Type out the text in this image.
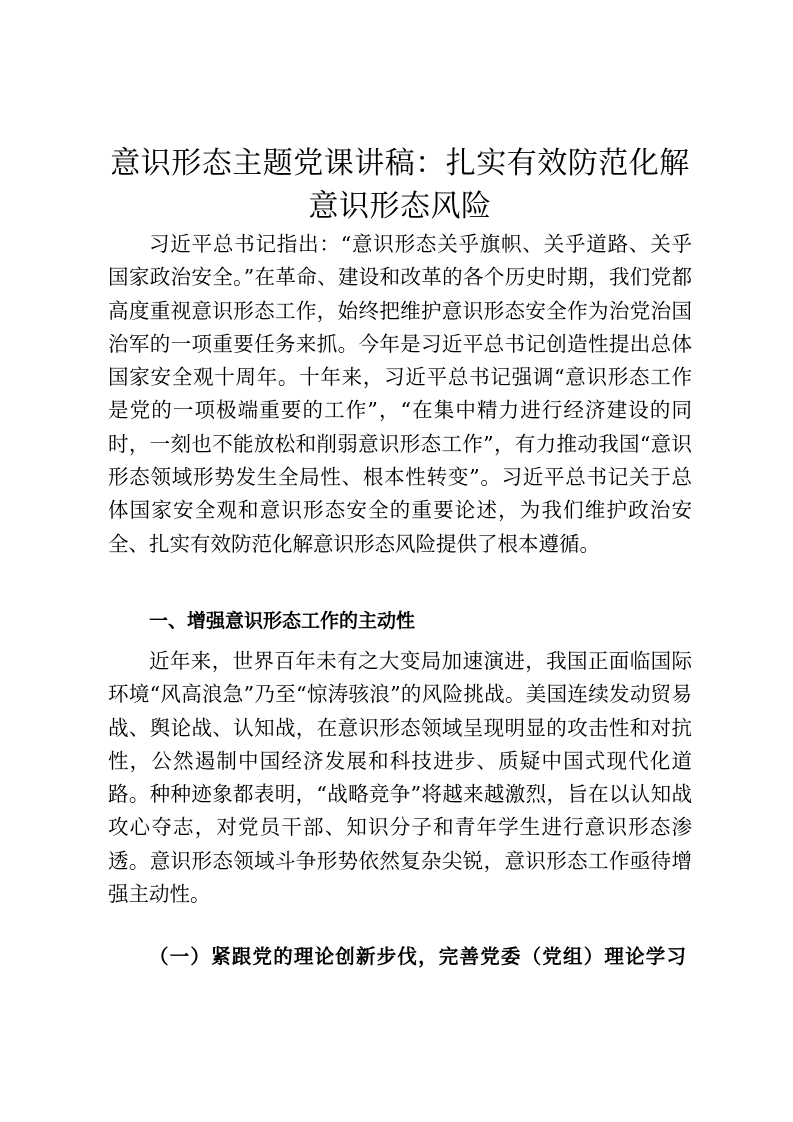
意识形态主题党课讲稿：扎实有效防范化解意识形态风险

习近平总书记指出：“意识形态关乎旗帜、关乎道路、关乎国家政治安全。”在革命、建设和改革的各个历史时期，我们党都高度重视意识形态工作，始终把维护意识形态安全作为治党治国治军的一项重要任务来抓。今年是习近平总书记创造性提出总体国家安全观十周年。十年来，习近平总书记强调“意识形态工作是党的一项极端重要的工作”，“在集中精力进行经济建设的同时，一刻也不能放松和削弱意识形态工作”，有力推动我国“意识形态领域形势发生全局性、根本性转变”。习近平总书记关于总体国家安全观和意识形态安全的重要论述，为我们维护政治安全、扎实有效防范化解意识形态风险提供了根本遵循。

一、增强意识形态工作的主动性

近年来，世界百年未有之大变局加速演进，我国正面临国际环境“风高浪急”乃至“惊涛骇浪”的风险挑战。美国连续发动贸易战、舆论战、认知战，在意识形态领域呈现明显的攻击性和对抗性，公然遏制中国经济发展和科技进步、质疑中国式现代化道路。种种迹象都表明，“战略竞争”将越来越激烈，旨在以认知战攻心夺志，对党员干部、知识分子和青年学生进行意识形态渗透。意识形态领域斗争形势依然复杂尖锐，意识形态工作亟待增强主动性。

（一）紧跟党的理论创新步伐，完善党委（党组）理论学习
